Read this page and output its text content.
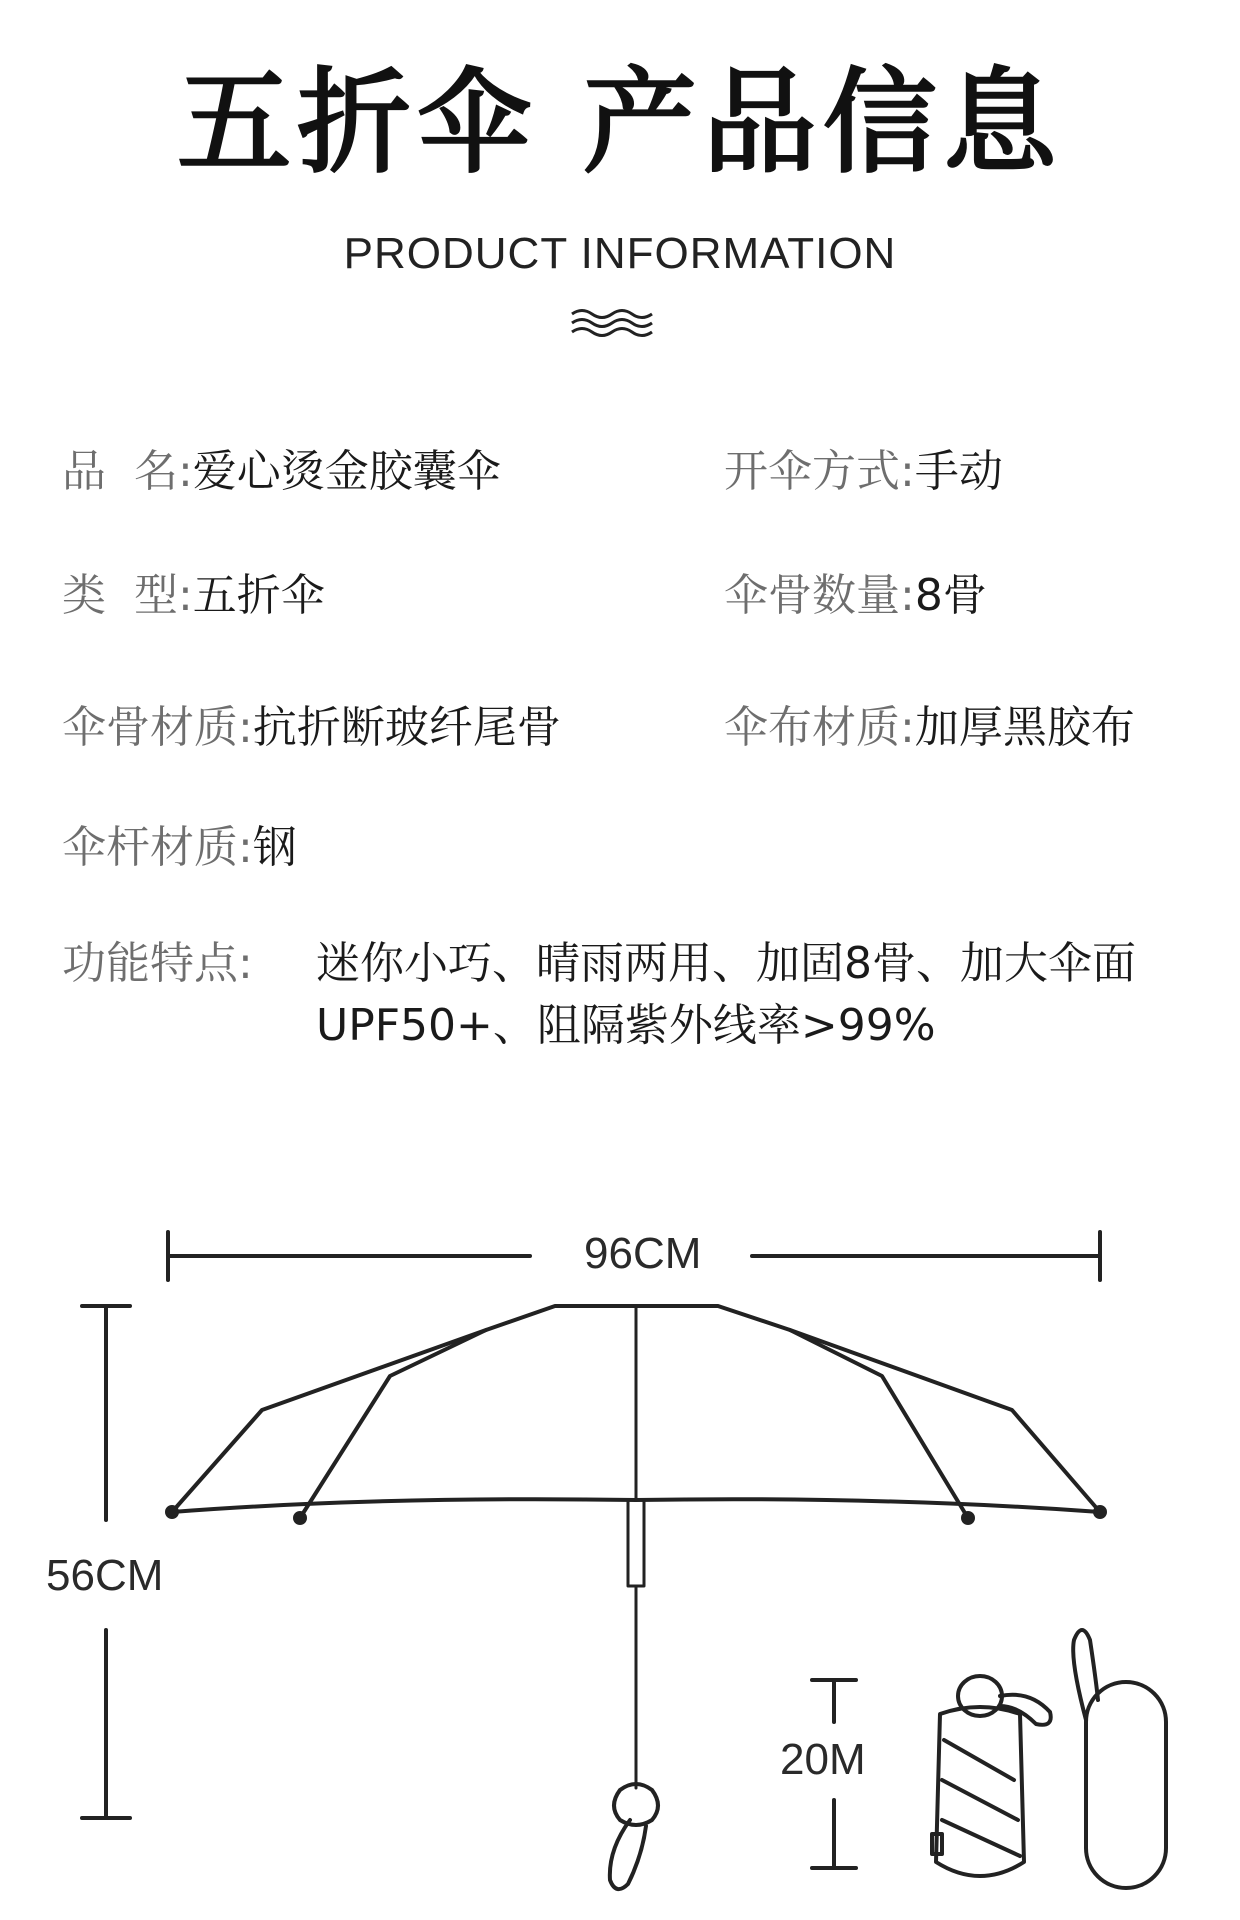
五折伞 产品信息
PRODUCT INFORMATION
品  名:爱心烫金胶囊伞	开伞方式:手动
类  型:五折伞	伞骨数量:8骨
伞骨材质:抗折断玻纤尾骨	伞布材质:加厚黑胶布
伞杆材质:钢
功能特点: 迷你小巧、晴雨两用、加固8骨、加大伞面
UPF50+、阻隔紫外线率>99%
96CM
56CM
20M
